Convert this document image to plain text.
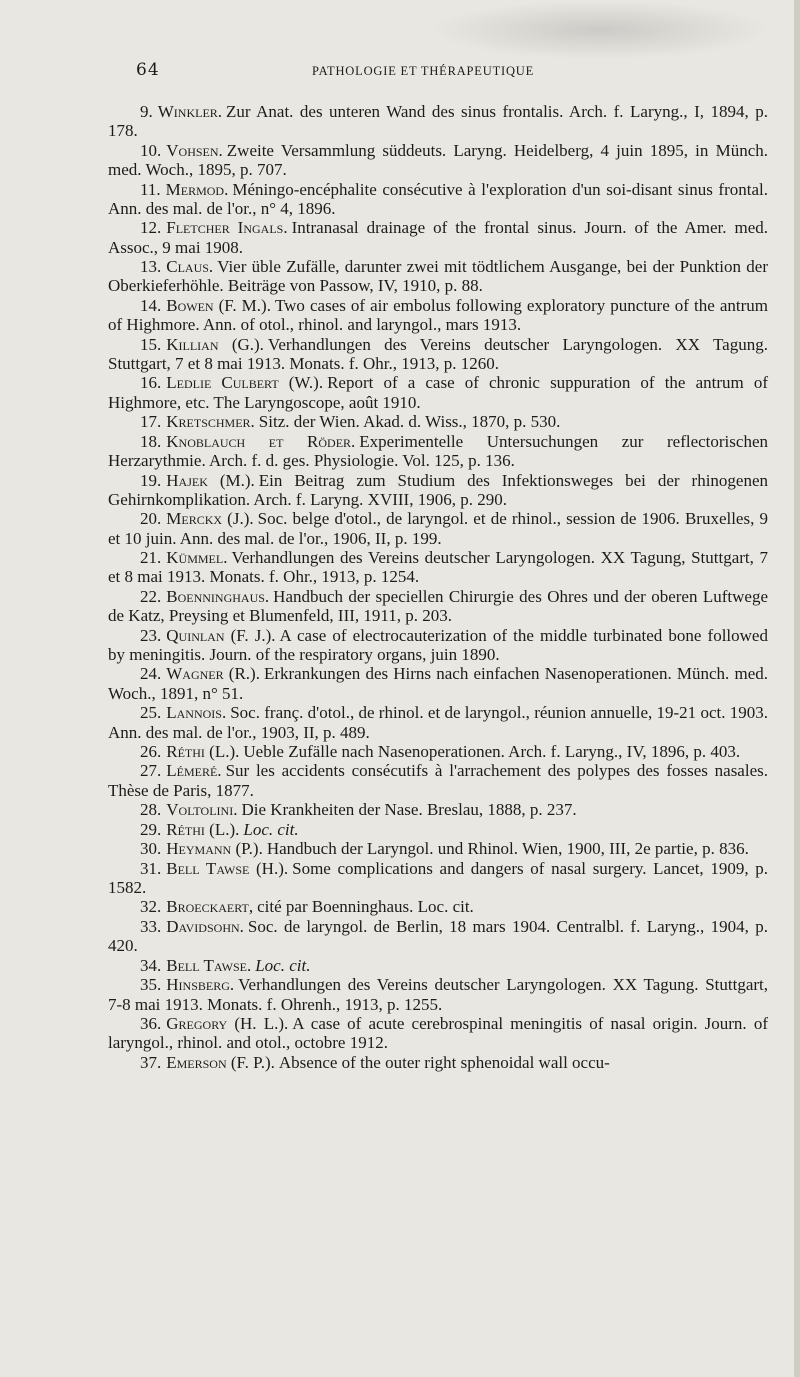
64	PATHOLOGIE ET THÉRAPEUTIQUE

9. Winkler. Zur Anat. des unteren Wand des sinus frontalis. Arch. f. Laryng., I, 1894, p. 178.

10. Vohsen. Zweite Versammlung süddeuts. Laryng. Heidelberg, 4 juin 1895, in Münch. med. Woch., 1895, p. 707.

11. Mermod. Méningo-encéphalite consécutive à l'exploration d'un soi-disant sinus frontal. Ann. des mal. de l'or., n° 4, 1896.

12. Fletcher Ingals. Intranasal drainage of the frontal sinus. Journ. of the Amer. med. Assoc., 9 mai 1908.

13. Claus. Vier üble Zufälle, darunter zwei mit tödtlichem Ausgange, bei der Punktion der Oberkieferhöhle. Beiträge von Passow, IV, 1910, p. 88.

14. Bowen (F. M.). Two cases of air embolus following exploratory puncture of the antrum of Highmore. Ann. of otol., rhinol. and laryngol., mars 1913.

15. Killian (G.). Verhandlungen des Vereins deutscher Laryngologen. XX Tagung. Stuttgart, 7 et 8 mai 1913. Monats. f. Ohr., 1913, p. 1260.

16. Ledlie Culbert (W.). Report of a case of chronic suppuration of the antrum of Highmore, etc. The Laryngoscope, août 1910.

17. Kretschmer. Sitz. der Wien. Akad. d. Wiss., 1870, p. 530.

18. Knoblauch et Röder. Experimentelle Untersuchungen zur reflectorischen Herzarythmie. Arch. f. d. ges. Physiologie. Vol. 125, p. 136.

19. Hajek (M.). Ein Beitrag zum Studium des Infektionsweges bei der rhinogenen Gehirnkomplikation. Arch. f. Laryng. XVIII, 1906, p. 290.

20. Merckx (J.). Soc. belge d'otol., de laryngol. et de rhinol., session de 1906. Bruxelles, 9 et 10 juin. Ann. des mal. de l'or., 1906, II, p. 199.

21. Kümmel. Verhandlungen des Vereins deutscher Laryngologen. XX Tagung, Stuttgart, 7 et 8 mai 1913. Monats. f. Ohr., 1913, p. 1254.

22. Boenninghaus. Handbuch der speciellen Chirurgie des Ohres und der oberen Luftwege de Katz, Preysing et Blumenfeld, III, 1911, p. 203.

23. Quinlan (F. J.). A case of electrocauterization of the middle turbinated bone followed by meningitis. Journ. of the respiratory organs, juin 1890.

24. Wagner (R.). Erkrankungen des Hirns nach einfachen Nasenoperationen. Münch. med. Woch., 1891, n° 51.

25. Lannois. Soc. franç. d'otol., de rhinol. et de laryngol., réunion annuelle, 19-21 oct. 1903. Ann. des mal. de l'or., 1903, II, p. 489.

26. Réthi (L.). Ueble Zufälle nach Nasenoperationen. Arch. f. Laryng., IV, 1896, p. 403.

27. Lémeré. Sur les accidents consécutifs à l'arrachement des polypes des fosses nasales. Thèse de Paris, 1877.

28. Voltolini. Die Krankheiten der Nase. Breslau, 1888, p. 237.

29. Réthi (L.). Loc. cit.

30. Heymann (P.). Handbuch der Laryngol. und Rhinol. Wien, 1900, III, 2e partie, p. 836.

31. Bell Tawse (H.). Some complications and dangers of nasal surgery. Lancet, 1909, p. 1582.

32. Broeckaert, cité par Boenninghaus. Loc. cit.

33. Davidsohn. Soc. de laryngol. de Berlin, 18 mars 1904. Centralbl. f. Laryng., 1904, p. 420.

34. Bell Tawse. Loc. cit.

35. Hinsberg. Verhandlungen des Vereins deutscher Laryngologen. XX Tagung. Stuttgart, 7-8 mai 1913. Monats. f. Ohrenh., 1913, p. 1255.

36. Gregory (H. L.). A case of acute cerebrospinal meningitis of nasal origin. Journ. of laryngol., rhinol. and otol., octobre 1912.

37. Emerson (F. P.). Absence of the outer right sphenoidal wall occu-
